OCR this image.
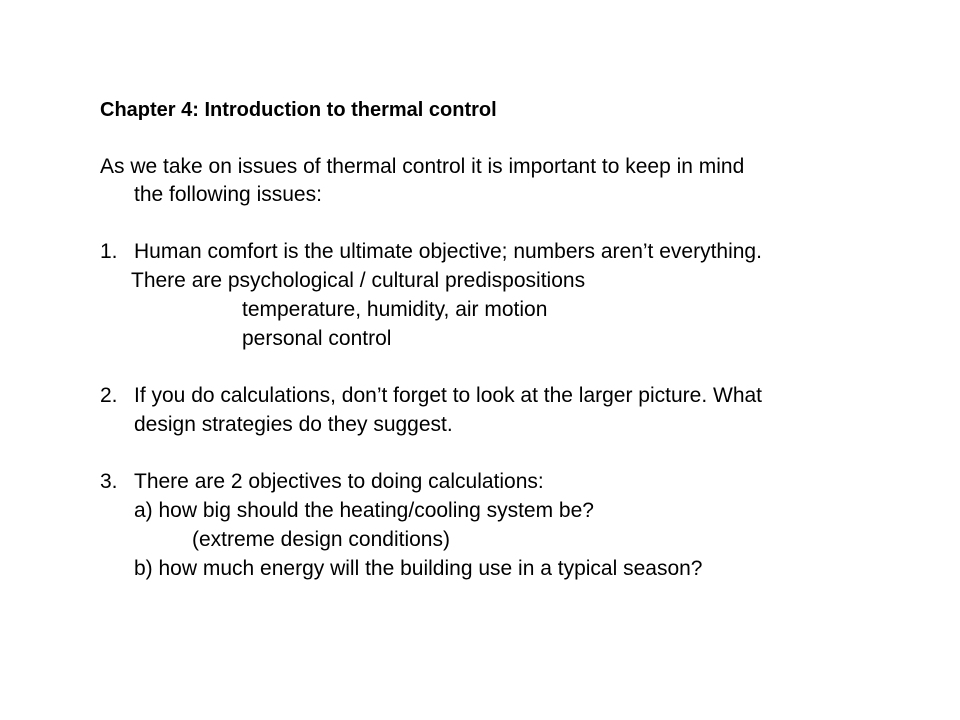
Chapter 4: Introduction to thermal control
As we take on issues of thermal control it is important to keep in mind
the following issues:
1. Human comfort is the ultimate objective; numbers aren’t everything.
There are psychological / cultural predispositions
temperature, humidity, air motion
personal control
2. If you do calculations, don’t forget to look at the larger picture. What
design strategies do they suggest.
3. There are 2 objectives to doing calculations:
a) how big should the heating/cooling system be?
(extreme design conditions)
b) how much energy will the building use in a typical season?
